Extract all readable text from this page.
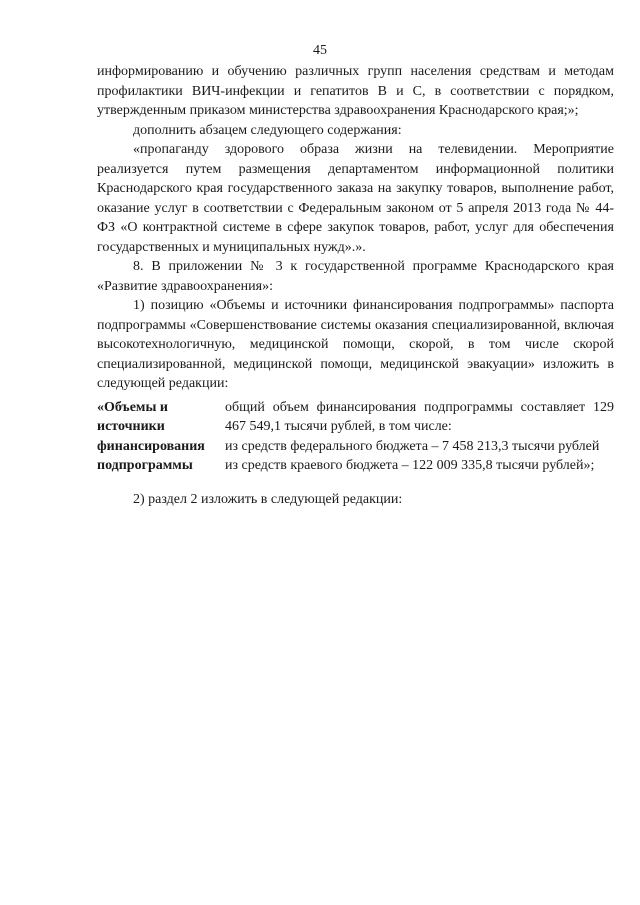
45

информированию и обучению различных групп населения средствам и методам профилактики ВИЧ-инфекции и гепатитов В и С, в соответствии с порядком, утвержденным приказом министерства здравоохранения Краснодарского края;»;

дополнить абзацем следующего содержания:

«пропаганду здорового образа жизни на телевидении. Мероприятие реализуется путем размещения департаментом информационной политики Краснодарского края государственного заказа на закупку товаров, выполнение работ, оказание услуг в соответствии с Федеральным законом от 5 апреля 2013 года № 44-ФЗ «О контрактной системе в сфере закупок товаров, работ, услуг для обеспечения государственных и муниципальных нужд».».

8. В приложении № 3 к государственной программе Краснодарского края «Развитие здравоохранения»:

1) позицию «Объемы и источники финансирования подпрограммы» паспорта подпрограммы «Совершенствование системы оказания специализированной, включая высокотехнологичную, медицинской помощи, скорой, в том числе скорой специализированной, медицинской помощи, медицинской эвакуации» изложить в следующей редакции:

«Объемы и
источники
финансирования
подпрограммы

общий объем финансирования подпрограммы составляет 129 467 549,1 тысячи рублей, в том числе:

из средств федерального бюджета – 7 458 213,3 тысячи рублей

из средств краевого бюджета – 122 009 335,8 тысячи рублей»;

2) раздел 2 изложить в следующей редакции:
